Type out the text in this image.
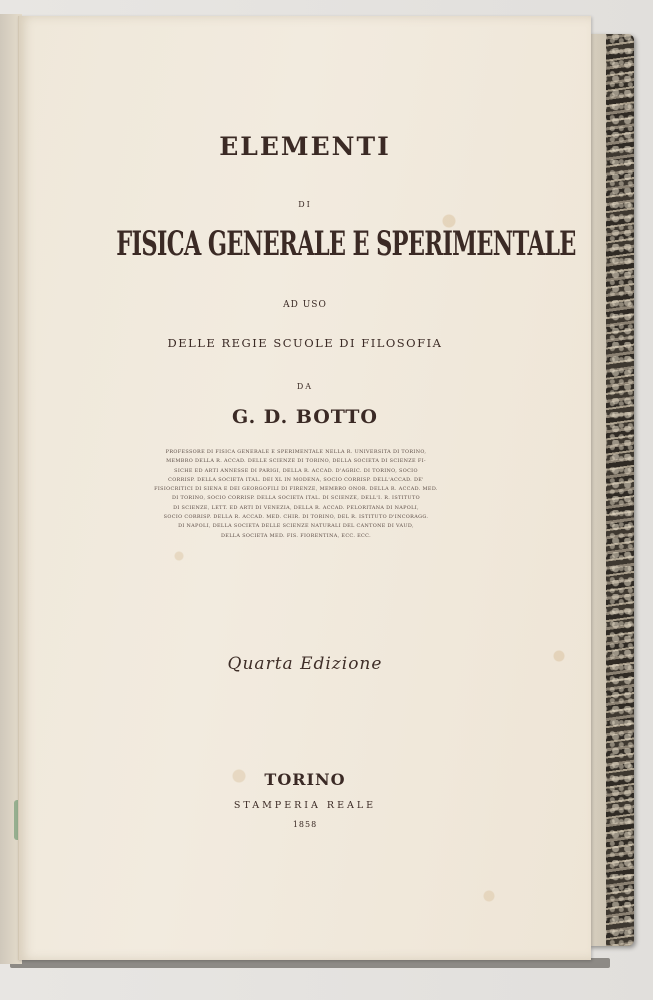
ELEMENTI
DI
FISICA GENERALE E SPERIMENTALE
AD USO
DELLE REGIE SCUOLE DI FILOSOFIA
DA
G. D. BOTTO
PROFESSORE DI FISICA GENERALE E SPERIMENTALE NELLA R. UNIVERSITA DI TORINO,
MEMBRO DELLA R. ACCAD. DELLE SCIENZE DI TORINO, DELLA SOCIETA DI SCIENZE FI-
SICHE ED ARTI ANNESSE DI PARIGI, DELLA R. ACCAD. D'AGRIC. DI TORINO, SOCIO
CORRISP. DELLA SOCIETA ITAL. DEI XL IN MODENA, SOCIO CORRISP. DELL'ACCAD. DE'
FISIOCRITICI DI SIENA E DEI GEORGOFILI DI FIRENZE, MEMBRO ONOR. DELLA R. ACCAD. MED.
DI TORINO, SOCIO CORRISP. DELLA SOCIETA ITAL. DI SCIENZE, DELL'I. R. ISTITUTO
DI SCIENZE, LETT. ED ARTI DI VENEZIA, DELLA R. ACCAD. PELORITANA DI NAPOLI,
SOCIO CORRISP. DELLA R. ACCAD. MED. CHIR. DI TORINO, DEL R. ISTITUTO D'INCORAGG.
DI NAPOLI, DELLA SOCIETA DELLE SCIENZE NATURALI DEL CANTONE DI VAUD,
DELLA SOCIETA MED. FIS. FIORENTINA, ECC. ECC.
Quarta Edizione
TORINO
STAMPERIA REALE
1858
